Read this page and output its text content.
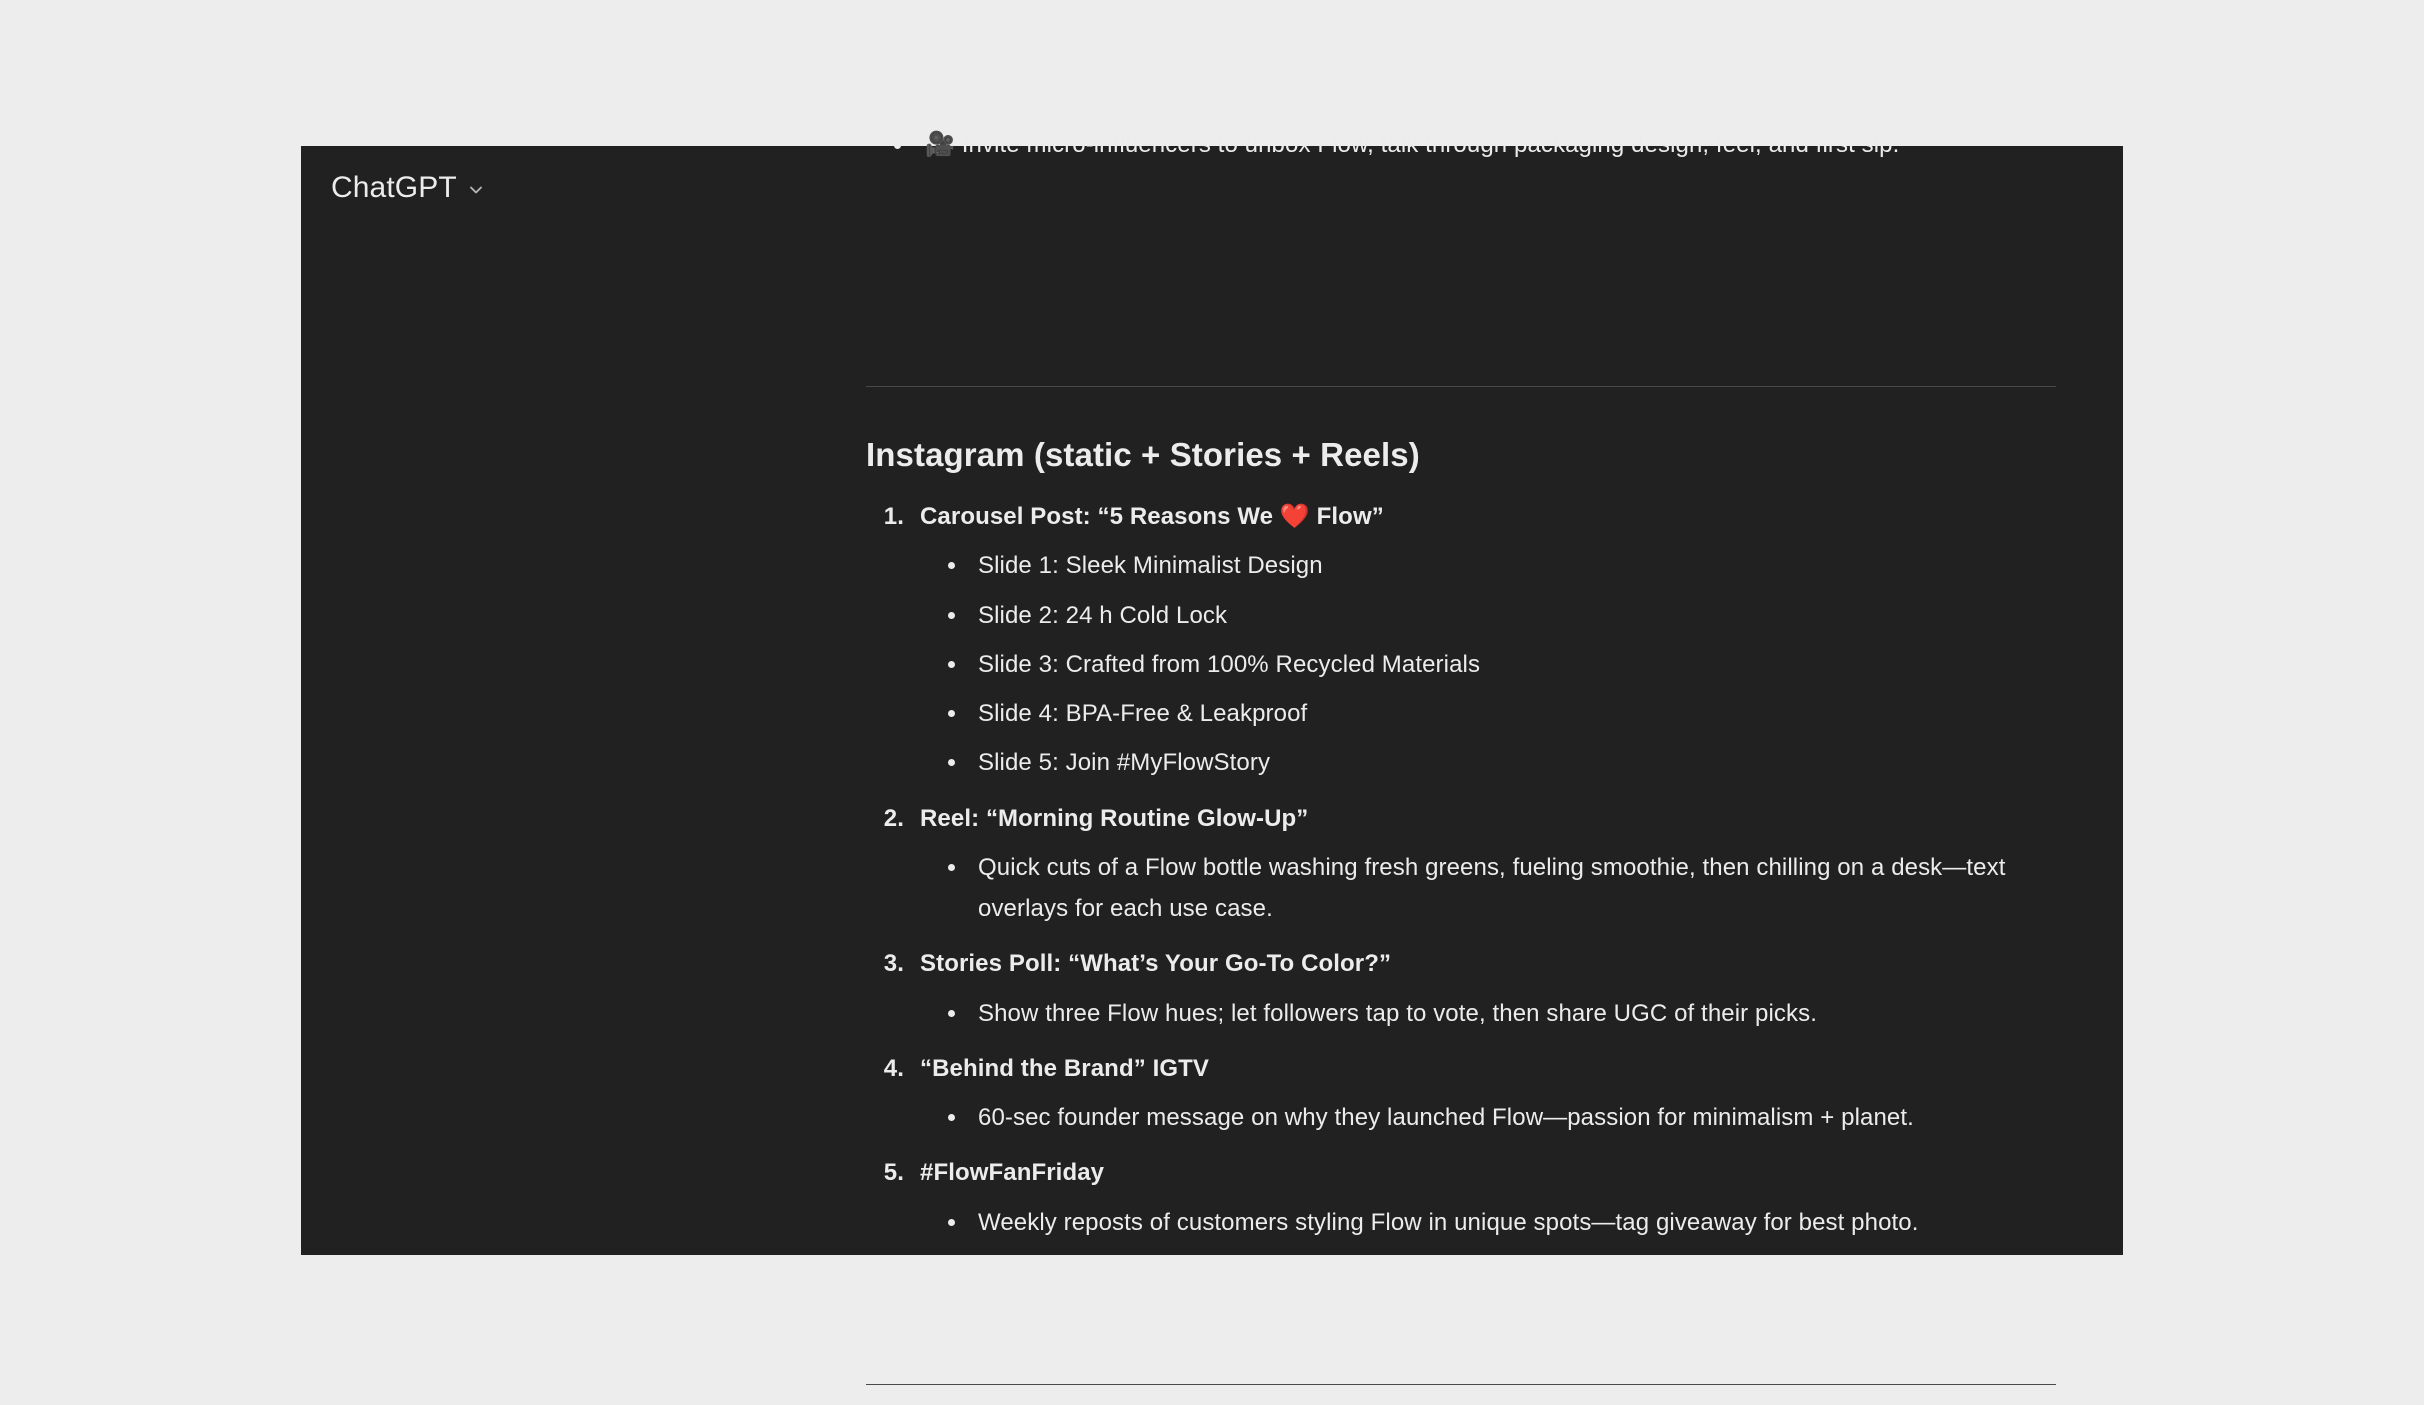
🎥 Invite micro-influencers to unbox Flow, talk through packaging design, feel, and first sip.
Instagram (static + Stories + Reels)
1. Carousel Post: “5 Reasons We ❤️ Flow”
Slide 1: Sleek Minimalist Design
Slide 2: 24 h Cold Lock
Slide 3: Crafted from 100% Recycled Materials
Slide 4: BPA-Free & Leakproof
Slide 5: Join #MyFlowStory
2. Reel: “Morning Routine Glow-Up”
Quick cuts of a Flow bottle washing fresh greens, fueling smoothie, then chilling on a desk—text overlays for each use case.
3. Stories Poll: “What’s Your Go-To Color?”
Show three Flow hues; let followers tap to vote, then share UGC of their picks.
4. “Behind the Brand” IGTV
60-sec founder message on why they launched Flow—passion for minimalism + planet.
5. #FlowFanFriday
Weekly reposts of customers styling Flow in unique spots—tag giveaway for best photo.
ChatGPT
